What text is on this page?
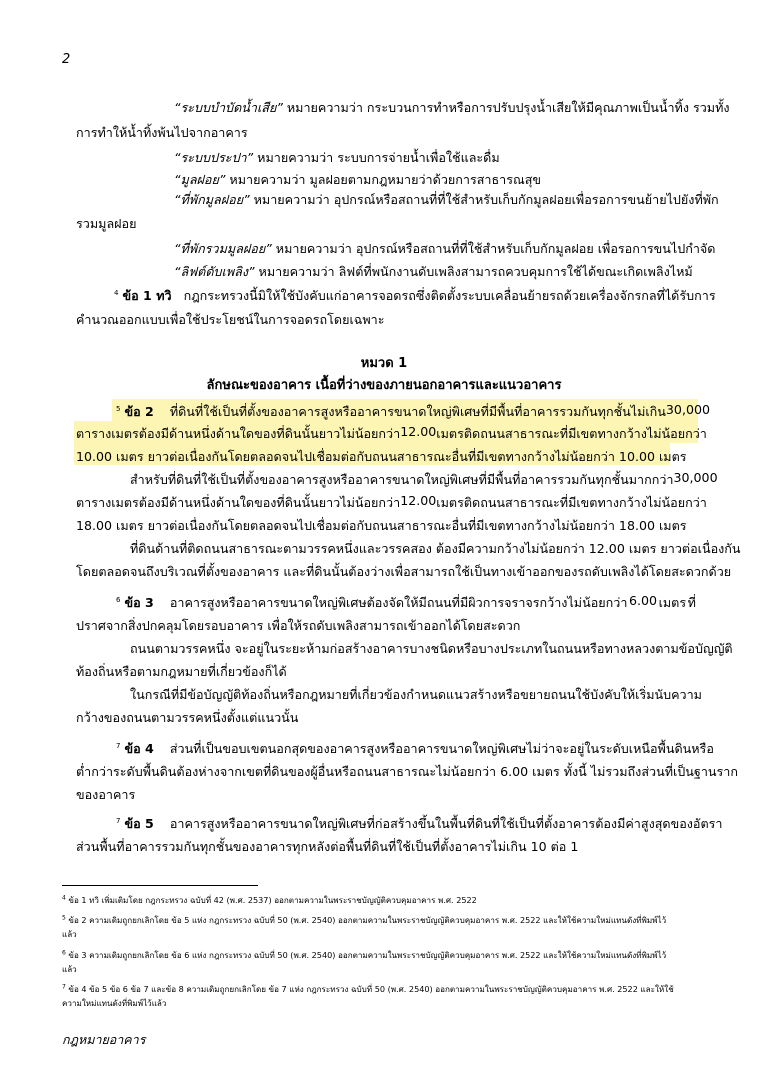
2
“ระบบบำบัดน้ำเสีย” หมายความว่า กระบวนการทำหรือการปรับปรุงน้ำเสียให้มีคุณภาพเป็นน้ำทิ้ง รวมทั้ง
การทำให้น้ำทิ้งพ้นไปจากอาคาร
“ระบบประปา” หมายความว่า ระบบการจ่ายน้ำเพื่อใช้และดื่ม
“มูลฝอย” หมายความว่า มูลฝอยตามกฎหมายว่าด้วยการสาธารณสุข
“ที่พักมูลฝอย” หมายความว่า อุปกรณ์หรือสถานที่ที่ใช้สำหรับเก็บกักมูลฝอยเพื่อรอการขนย้ายไปยังที่พัก
รวมมูลฝอย
“ที่พักรวมมูลฝอย” หมายความว่า อุปกรณ์หรือสถานที่ที่ใช้สำหรับเก็บกักมูลฝอย เพื่อรอการขนไปกำจัด
“ลิฟต์ดับเพลิง” หมายความว่า ลิฟต์ที่พนักงานดับเพลิงสามารถควบคุมการใช้ได้ขณะเกิดเพลิงไหม้
$^4$ ข้อ 1 ทวิ กฎกระทรวงนี้มิให้ใช้บังคับแก่อาคารจอดรถซึ่งติดตั้งระบบเคลื่อนย้ายรถด้วยเครื่องจักรกลที่ได้รับการ
คำนวณออกแบบเพื่อใช้ประโยชน์ในการจอดรถโดยเฉพาะ
หมวด 1
ลักษณะของอาคาร เนื้อที่ว่างของภายนอกอาคารและแนวอาคาร
$^5$ ข้อ 2 ที่ดินที่ใช้เป็นที่ตั้งของอาคารสูงหรืออาคารขนาดใหญ่พิเศษที่มีพื้นที่อาคารรวมกันทุกชั้นไม่เกิน 30,000
ตารางเมตร ต้องมีด้านหนึ่งด้านใดของที่ดินนั้นยาวไม่น้อยกว่า 12.00 เมตร ติดถนนสาธารณะที่มีเขตทางกว้างไม่น้อยกว่า
10.00 เมตร ยาวต่อเนื่องกันโดยตลอดจนไปเชื่อมต่อกับถนนสาธารณะอื่นที่มีเขตทางกว้างไม่น้อยกว่า 10.00 เมตร
สำหรับที่ดินที่ใช้เป็นที่ตั้งของอาคารสูงหรืออาคารขนาดใหญ่พิเศษที่มีพื้นที่อาคารรวมกันทุกชั้นมากกว่า 30,000
ตารางเมตร ต้องมีด้านหนึ่งด้านใดของที่ดินนั้นยาวไม่น้อยกว่า 12.00 เมตร ติดถนนสาธารณะที่มีเขตทางกว้างไม่น้อยกว่า
18.00 เมตร ยาวต่อเนื่องกันโดยตลอดจนไปเชื่อมต่อกับถนนสาธารณะอื่นที่มีเขตทางกว้างไม่น้อยกว่า 18.00 เมตร
ที่ดินด้านที่ติดถนนสาธารณะตามวรรคหนึ่งและวรรคสอง ต้องมีความกว้างไม่น้อยกว่า 12.00 เมตร ยาวต่อเนื่องกัน
โดยตลอดจนถึงบริเวณที่ตั้งของอาคาร และที่ดินนั้นต้องว่างเพื่อสามารถใช้เป็นทางเข้าออกของรถดับเพลิงได้โดยสะดวกด้วย
$^6$ ข้อ 3 อาคารสูงหรืออาคารขนาดใหญ่พิเศษต้องจัดให้มีถนนที่มีผิวการจราจรกว้างไม่น้อยกว่า 6.00 เมตร ที่
ปราศจากสิ่งปกคลุมโดยรอบอาคาร เพื่อให้รถดับเพลิงสามารถเข้าออกได้โดยสะดวก
ถนนตามวรรคหนึ่ง จะอยู่ในระยะห้ามก่อสร้างอาคารบางชนิดหรือบางประเภทในถนนหรือทางหลวงตามข้อบัญญัติ
ท้องถิ่นหรือตามกฎหมายที่เกี่ยวข้องก็ได้
ในกรณีที่มีข้อบัญญัติท้องถิ่นหรือกฎหมายที่เกี่ยวข้องกำหนดแนวสร้างหรือขยายถนนใช้บังคับ ให้เริ่มนับความ
กว้างของถนนตามวรรคหนึ่งตั้งแต่แนวนั้น
$^7$ ข้อ 4 ส่วนที่เป็นขอบเขตนอกสุดของอาคารสูงหรืออาคารขนาดใหญ่พิเศษ ไม่ว่าจะอยู่ในระดับเหนือพื้นดินหรือ
ต่ำกว่าระดับพื้นดินต้องห่างจากเขตที่ดินของผู้อื่นหรือถนนสาธารณะไม่น้อยกว่า 6.00 เมตร ทั้งนี้ ไม่รวมถึงส่วนที่เป็นฐานราก
ของอาคาร
$^7$ ข้อ 5 อาคารสูงหรืออาคารขนาดใหญ่พิเศษที่ก่อสร้างขึ้นในพื้นที่ดินที่ใช้เป็นที่ตั้งอาคารต้องมีค่าสูงสุดของอัตรา
ส่วนพื้นที่อาคารรวมกันทุกชั้นของอาคารทุกหลังต่อพื้นที่ดินที่ใช้เป็นที่ตั้งอาคารไม่เกิน 10 ต่อ 1
$^4$ ข้อ 1 ทวิ เพิ่มเติมโดย กฎกระทรวง ฉบับที่ 42 (พ.ศ. 2537) ออกตามความในพระราชบัญญัติควบคุมอาคาร พ.ศ. 2522
$^5$ ข้อ 2 ความเดิมถูกยกเลิกโดย ข้อ 5 แห่ง กฎกระทรวง ฉบับที่ 50 (พ.ศ. 2540) ออกตามความในพระราชบัญญัติควบคุมอาคาร พ.ศ. 2522 และให้ใช้ความใหม่แทนดังที่พิมพ์ไว้
แล้ว
$^6$ ข้อ 3 ความเดิมถูกยกเลิกโดย ข้อ 6 แห่ง กฎกระทรวง ฉบับที่ 50 (พ.ศ. 2540) ออกตามความในพระราชบัญญัติควบคุมอาคาร พ.ศ. 2522 และให้ใช้ความใหม่แทนดังที่พิมพ์ไว้
แล้ว
$^7$ ข้อ 4 ข้อ 5 ข้อ 6 ข้อ 7 และข้อ 8 ความเดิมถูกยกเลิกโดย ข้อ 7 แห่ง กฎกระทรวง ฉบับที่ 50 (พ.ศ. 2540) ออกตามความในพระราชบัญญัติควบคุมอาคาร พ.ศ. 2522 และให้ใช้
ความใหม่แทนดังที่พิมพ์ไว้แล้ว
กฎหมายอาคาร
